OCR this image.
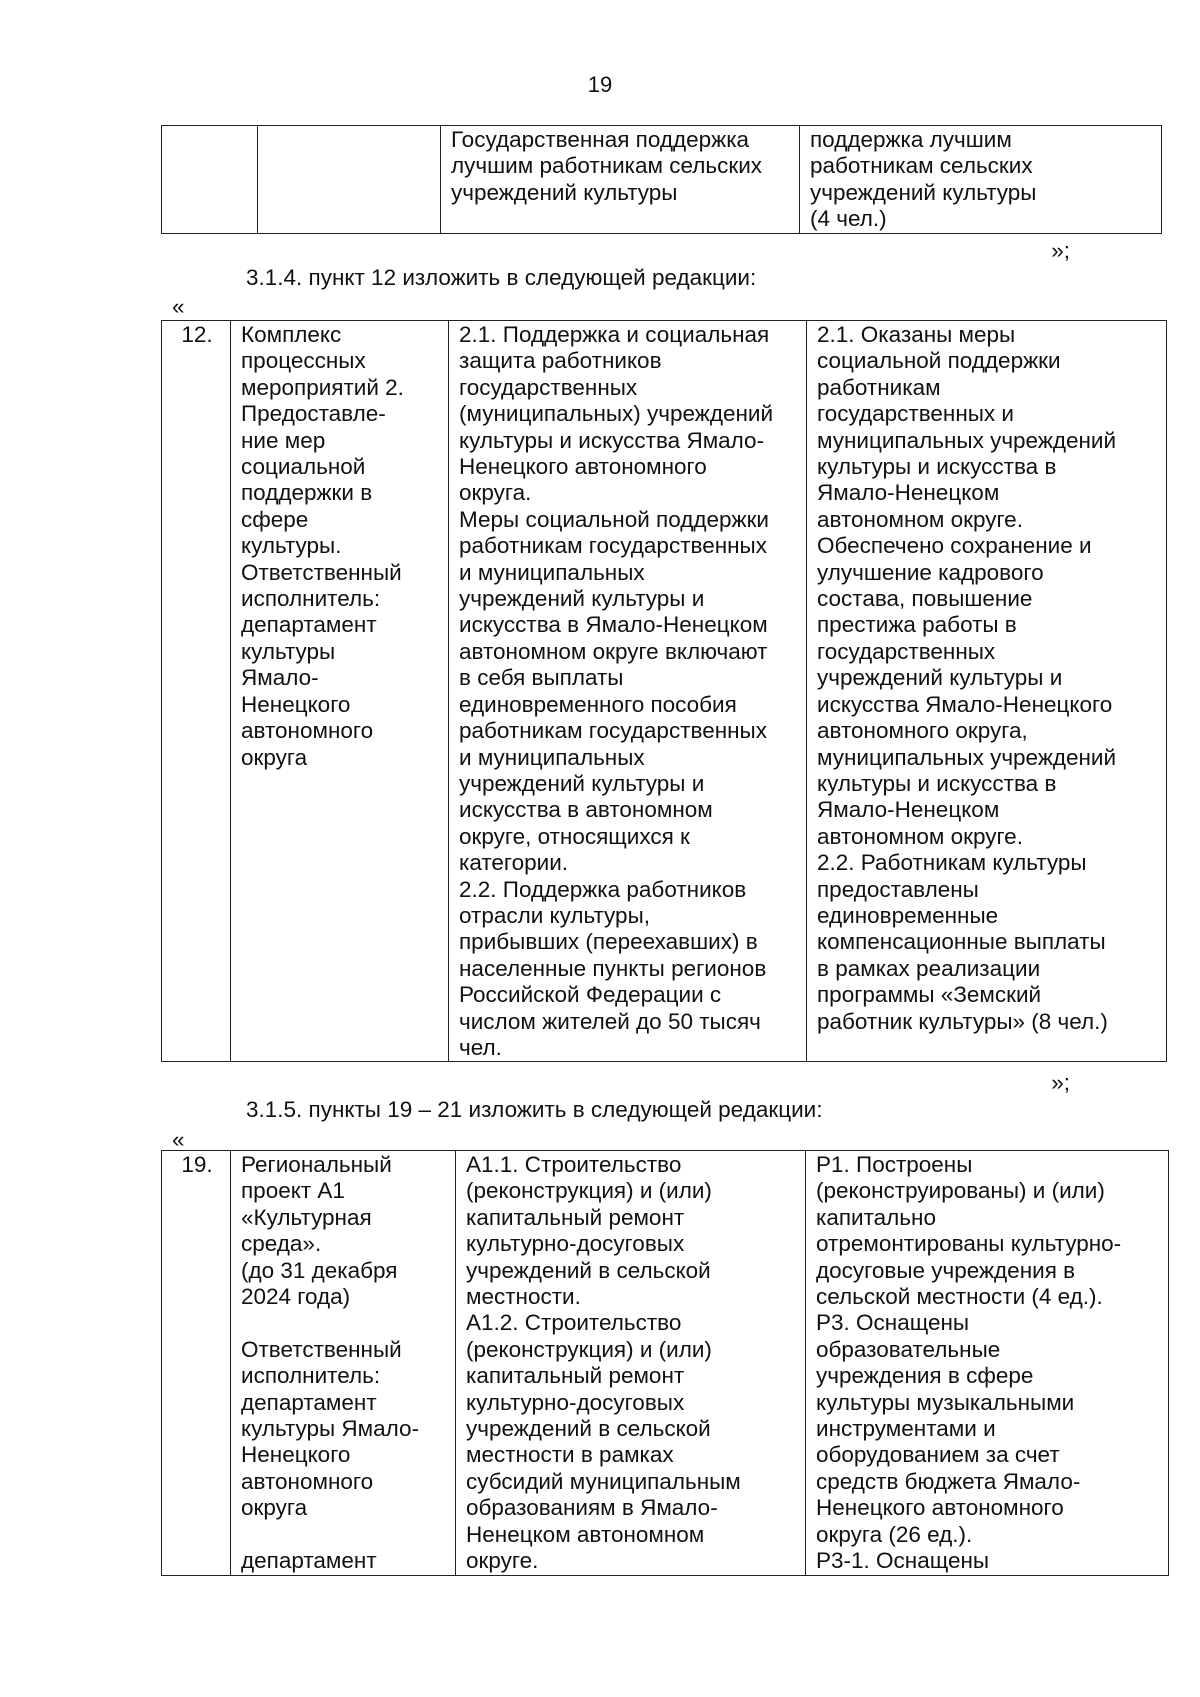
19
		Государственная поддержка
лучшим работникам сельских
учреждений культуры	поддержка лучшим
работникам сельских
учреждений культуры
(4 чел.)
»;
3.1.4. пункт 12 изложить в следующей редакции:
«
12.	Комплекс
процессных
мероприятий 2.
Предоставле-
ние мер
социальной
поддержки в
сфере
культуры.
Ответственный
исполнитель:
департамент
культуры
Ямало-
Ненецкого
автономного
округа	2.1. Поддержка и социальная
защита работников
государственных
(муниципальных) учреждений
культуры и искусства Ямало-
Ненецкого автономного
округа.
Меры социальной поддержки
работникам государственных
и муниципальных
учреждений культуры и
искусства в Ямало-Ненецком
автономном округе включают
в себя выплаты
единовременного пособия
работникам государственных
и муниципальных
учреждений культуры и
искусства в автономном
округе, относящихся к
категории.
2.2. Поддержка работников
отрасли культуры,
прибывших (переехавших) в
населенные пункты регионов
Российской Федерации с
числом жителей до 50 тысяч
чел.	2.1. Оказаны меры
социальной поддержки
работникам
государственных и
муниципальных учреждений
культуры и искусства в
Ямало-Ненецком
автономном округе.
Обеспечено сохранение и
улучшение кадрового
состава, повышение
престижа работы в
государственных
учреждений культуры и
искусства Ямало-Ненецкого
автономного округа,
муниципальных учреждений
культуры и искусства в
Ямало-Ненецком
автономном округе.
2.2. Работникам культуры
предоставлены
единовременные
компенсационные выплаты
в рамках реализации
программы «Земский
работник культуры» (8 чел.)
»;
3.1.5. пункты 19 – 21 изложить в следующей редакции:
«
19.	Региональный
проект А1
«Культурная
среда».
(до 31 декабря
2024 года)

Ответственный
исполнитель:
департамент
культуры Ямало-
Ненецкого
автономного
округа

департамент	А1.1. Строительство
(реконструкция) и (или)
капитальный ремонт
культурно-досуговых
учреждений в сельской
местности.
А1.2. Строительство
(реконструкция) и (или)
капитальный ремонт
культурно-досуговых
учреждений в сельской
местности в рамках
субсидий муниципальным
образованиям в Ямало-
Ненецком автономном
округе.	Р1. Построены
(реконструированы) и (или)
капитально
отремонтированы культурно-
досуговые учреждения в
сельской местности (4 ед.).
Р3. Оснащены
образовательные
учреждения в сфере
культуры музыкальными
инструментами и
оборудованием за счет
средств бюджета Ямало-
Ненецкого автономного
округа (26 ед.).
Р3-1. Оснащены
